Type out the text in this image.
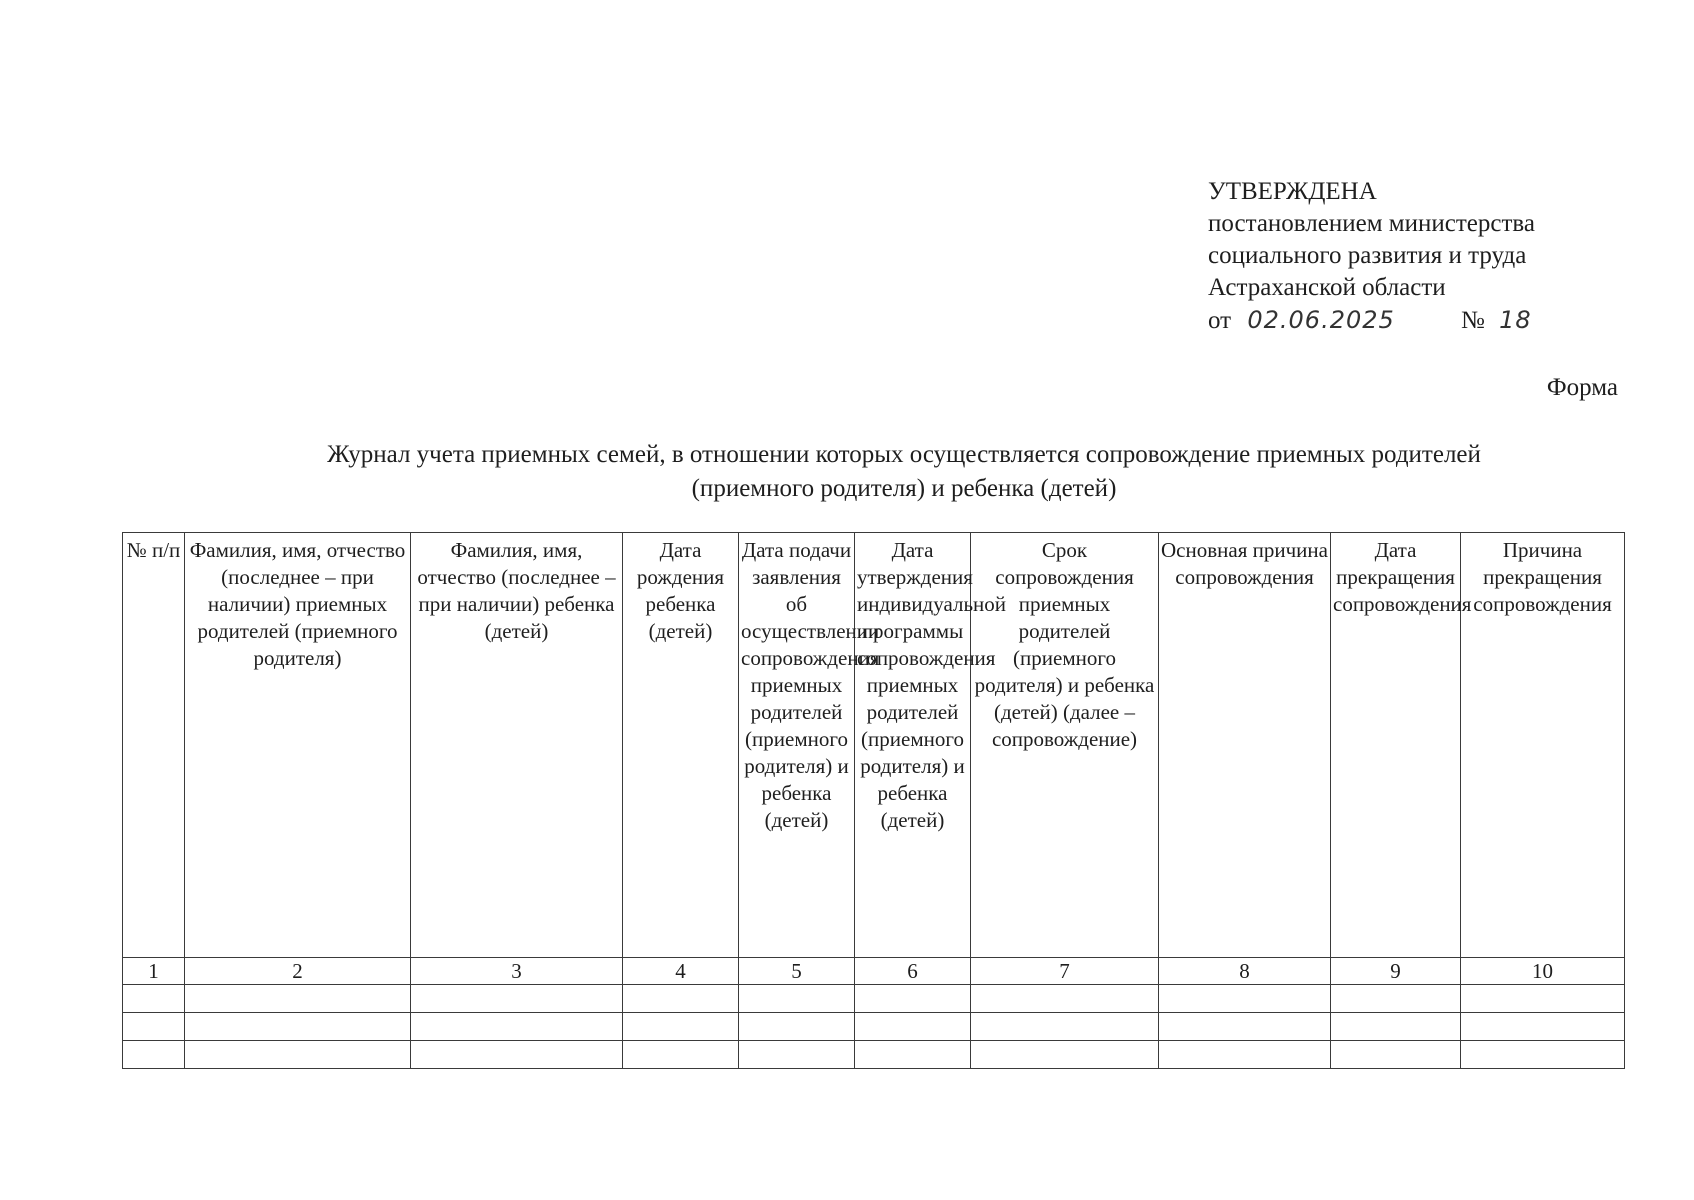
УТВЕРЖДЕНА
постановлением министерства
социального развития и труда
Астраханской области
от 02.06.2025	№ 18
Форма
Журнал учета приемных семей, в отношении которых осуществляется сопровождение приемных родителей
(приемного родителя) и ребенка (детей)
№ п/п	Фамилия, имя, отчество (последнее – при наличии) приемных родителей (приемного родителя)	Фамилия, имя, отчество (последнее – при наличии) ребенка (детей)	Дата рождения ребенка (детей)	Дата подачи заявления об осуществлении сопровождения приемных родителей (приемного родителя) и ребенка (детей)	Дата утверждения индивидуальной программы сопровождения приемных родителей (приемного родителя) и ребенка (детей)	Срок сопровождения приемных родителей (приемного родителя) и ребенка (детей) (далее – сопровождение)	Основная причина сопровождения	Дата прекращения сопровождения	Причина прекращения сопровождения
1	2	3	4	5	6	7	8	9	10
